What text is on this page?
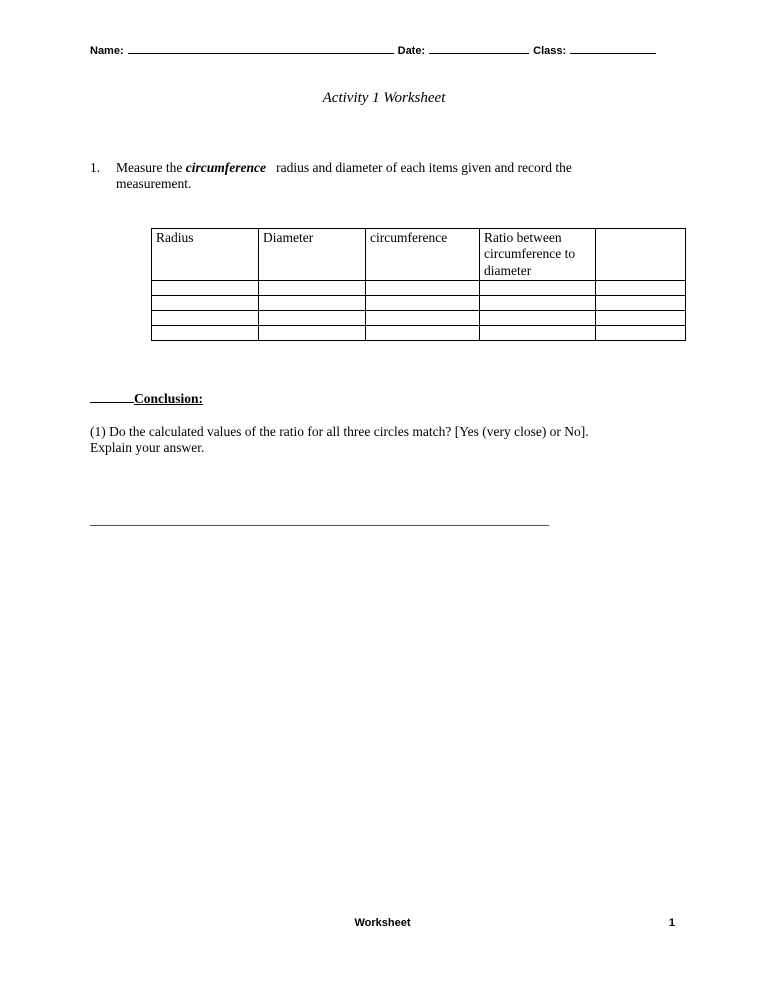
Name:	Date:	Class:
Activity 1 Worksheet
1.	Measure the circumference radius and diameter of each items given and record the
measurement.
Radius	Diameter	circumference	Ratio between circumference to diameter	

Conclusion:
(1) Do the calculated values of the ratio for all three circles match? [Yes (very close) or No].
Explain your answer.
____________________________________________________________________
Worksheet	1
